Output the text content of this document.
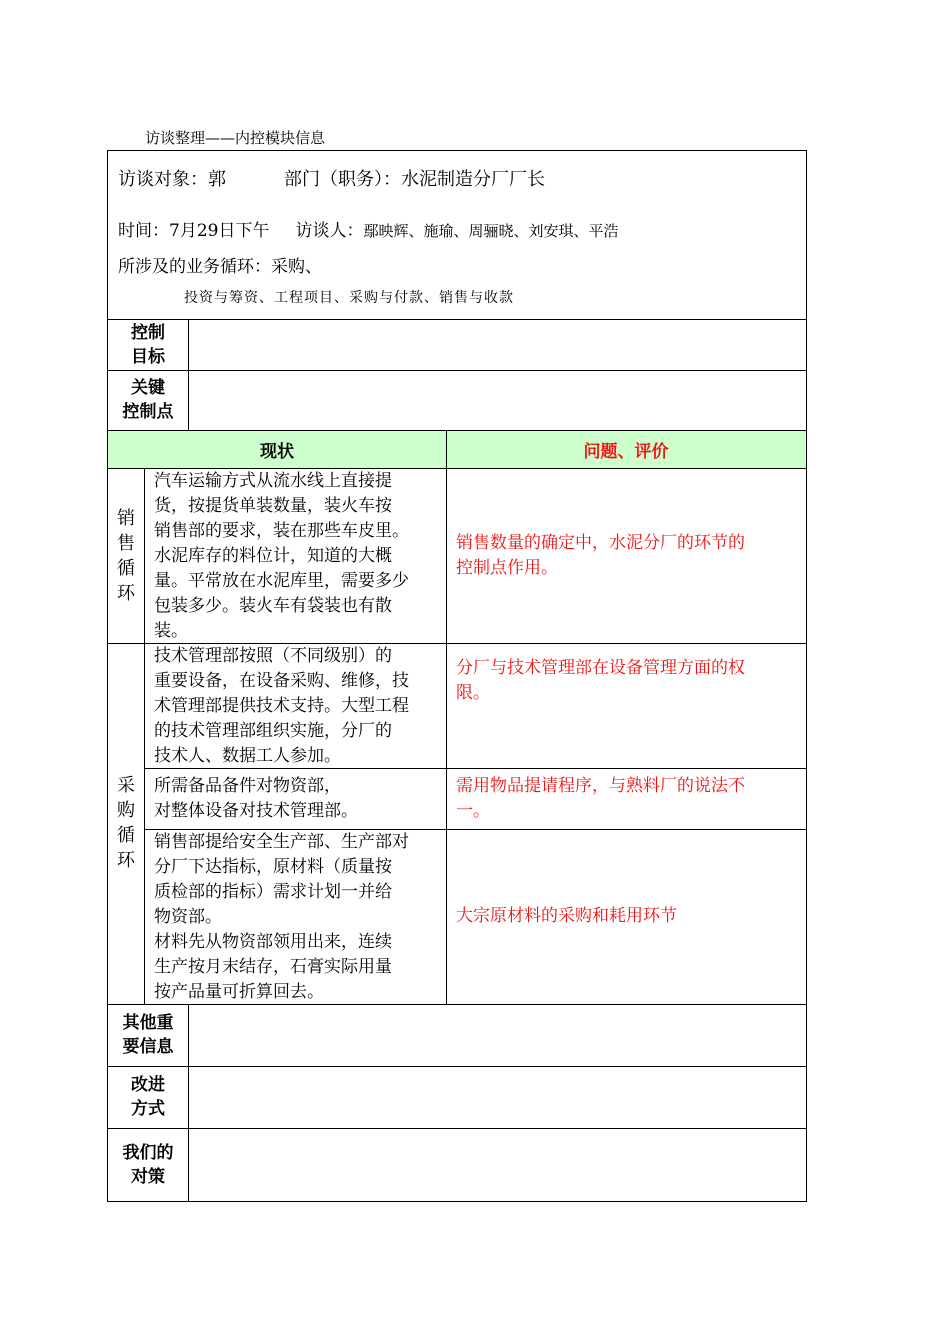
访谈整理——内控模块信息
访谈对象：郭	部门（职务）：水泥制造分厂厂长
时间：7月29日下午 访谈人：鄢映辉、施瑜、周骊晓、刘安琪、平浩
所涉及的业务循环：采购、
投资与筹资、工程项目、采购与付款、销售与收款
控制
目标
关键
控制点
现状	问题、评价
销
售
循
环
汽车运输方式从流水线上直接提
货，按提货单装数量，装火车按
销售部的要求，装在那些车皮里。
水泥库存的料位计，知道的大概
量。平常放在水泥库里，需要多少
包装多少。装火车有袋装也有散
装。
销售数量的确定中，水泥分厂的环节的
控制点作用。
采
购
循
环
技术管理部按照（不同级别）的
重要设备，在设备采购、维修，技
术管理部提供技术支持。大型工程
的技术管理部组织实施，分厂的
技术人、数据工人参加。
分厂与技术管理部在设备管理方面的权
限。
所需备品备件对物资部，
对整体设备对技术管理部。
需用物品提请程序，与熟料厂的说法不
一。
销售部提给安全生产部、生产部对
分厂下达指标，原材料（质量按
质检部的指标）需求计划一并给
物资部。
材料先从物资部领用出来，连续
生产按月末结存，石膏实际用量
按产品量可折算回去。
大宗原材料的采购和耗用环节
其他重
要信息
改进
方式
我们的
对策
